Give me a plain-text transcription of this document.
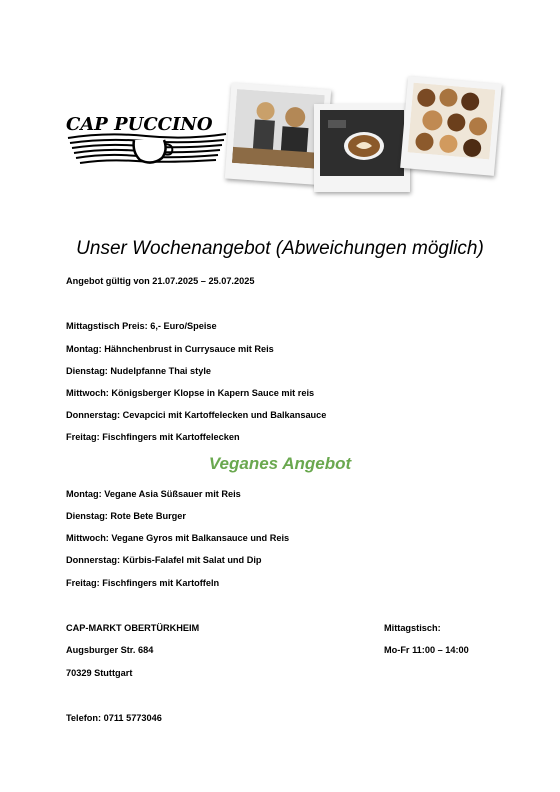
CAP PUCCINO
Unser Wochenangebot (Abweichungen möglich)
Angebot gültig von 21.07.2025 – 25.07.2025
Mittagstisch Preis: 6,- Euro/Speise
Montag: Hähnchenbrust in Currysauce mit Reis
Dienstag: Nudelpfanne Thai style
Mittwoch: Königsberger Klopse in Kapern Sauce mit reis
Donnerstag: Cevapcici mit Kartoffelecken und Balkansauce
Freitag: Fischfingers mit Kartoffelecken
Veganes Angebot
Montag: Vegane Asia Süßsauer mit Reis
Dienstag: Rote Bete Burger
Mittwoch: Vegane Gyros mit Balkansauce und Reis
Donnerstag: Kürbis-Falafel mit Salat und Dip
Freitag: Fischfingers mit Kartoffeln
CAP-MARKT OBERTÜRKHEIM	Mittagstisch:
Augsburger Str. 684	Mo-Fr 11:00 – 14:00
70329 Stuttgart
Telefon: 0711 5773046
